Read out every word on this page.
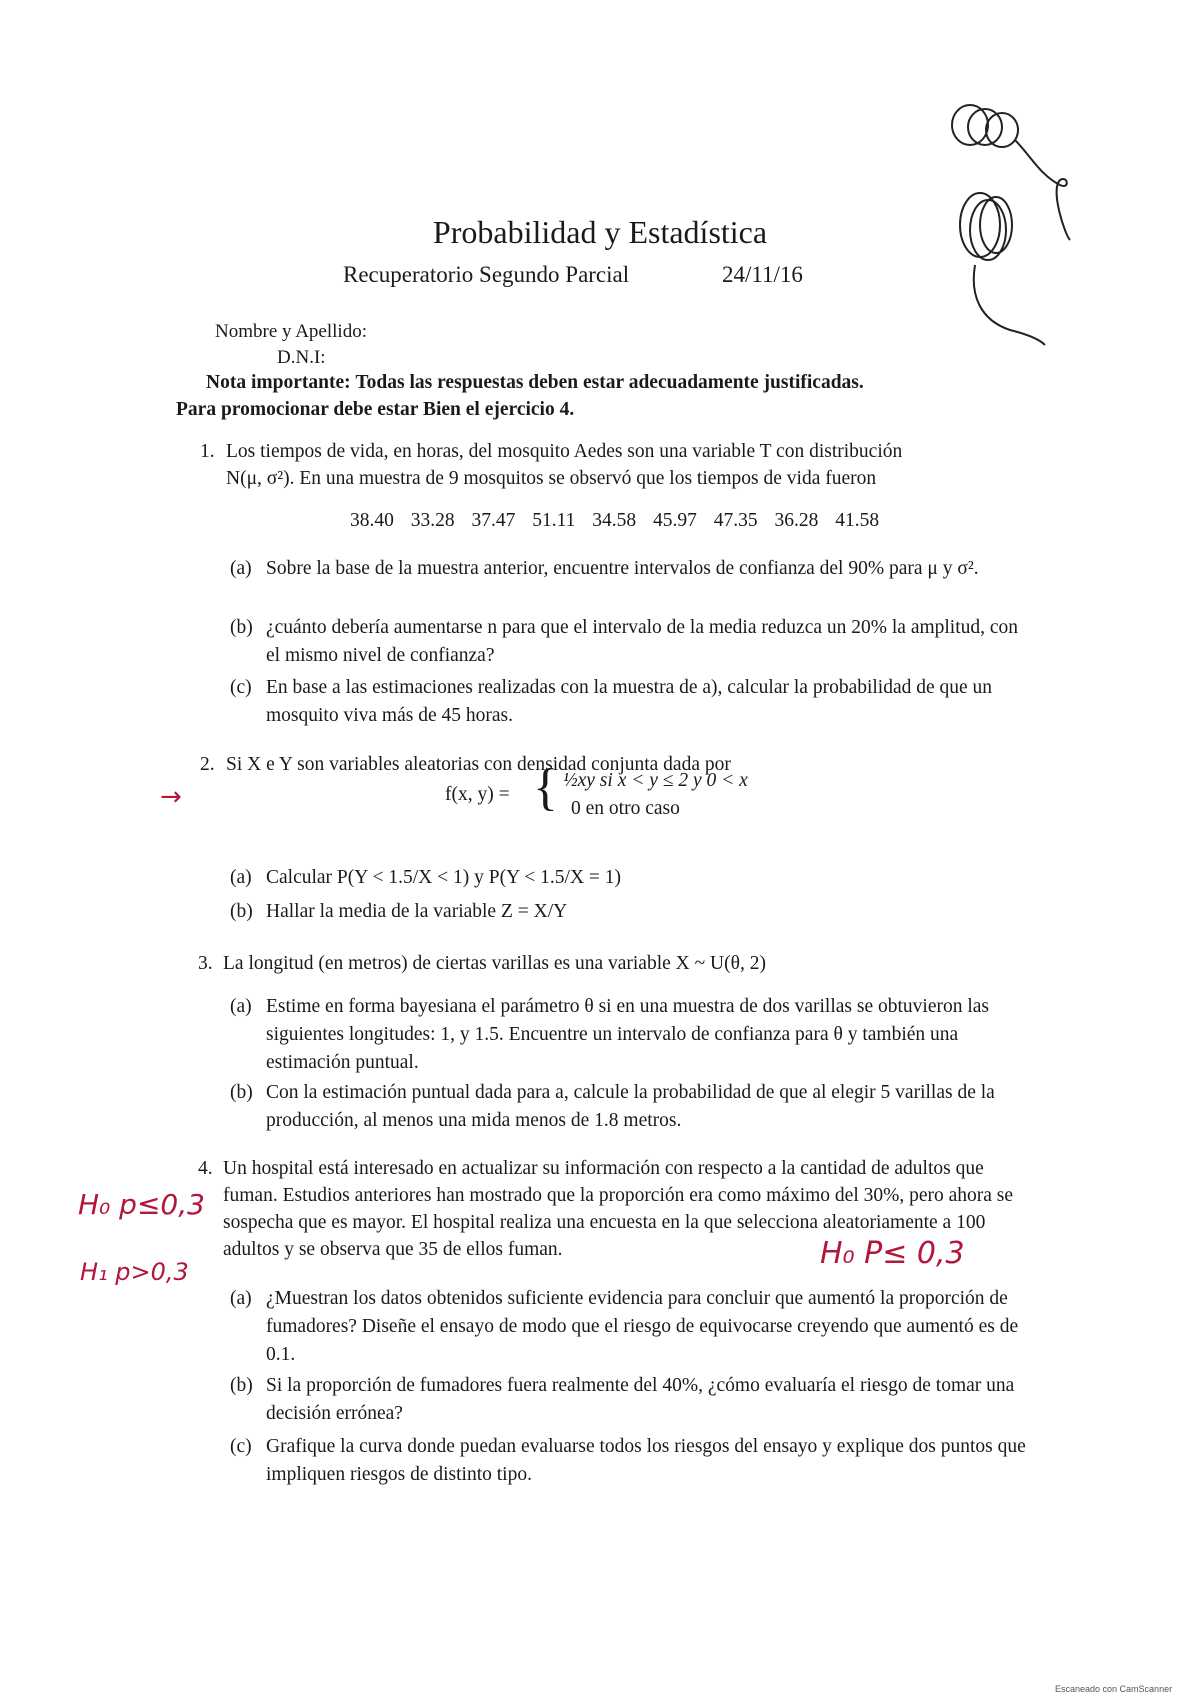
Probabilidad y Estadística
Recuperatorio Segundo Parcial	24/11/16
Nombre y Apellido:
D.N.I:
Nota importante: Todas las respuestas deben estar adecuadamente justificadas.
Para promocionar debe estar Bien el ejercicio 4.
1. Los tiempos de vida, en horas, del mosquito Aedes son una variable T con distribución
N(μ, σ²). En una muestra de 9 mosquitos se observó que los tiempos de vida fueron
38.40 33.28 37.47 51.11 34.58 45.97 47.35 36.28 41.58
(a) Sobre la base de la muestra anterior, encuentre intervalos de confianza del 90% para μ y σ².
(b) ¿cuánto debería aumentarse n para que el intervalo de la media reduzca un 20% la amplitud, con el mismo nivel de confianza?
(c) En base a las estimaciones realizadas con la muestra de a), calcular la probabilidad de que un mosquito viva más de 45 horas.
→
2. Si X e Y son variables aleatorias con densidad conjunta dada por
f(x, y) = { ½xy si x < y ≤ 2 y 0 < x
0 en otro caso
(a) Calcular P(Y < 1.5/X < 1) y P(Y < 1.5/X = 1)
(b) Hallar la media de la variable Z = X/Y
3. La longitud (en metros) de ciertas varillas es una variable X ~ U(θ, 2)
(a) Estime en forma bayesiana el parámetro θ si en una muestra de dos varillas se obtuvieron las siguientes longitudes: 1, y 1.5. Encuentre un intervalo de confianza para θ y también una estimación puntual.
(b) Con la estimación puntual dada para a, calcule la probabilidad de que al elegir 5 varillas de la producción, al menos una mida menos de 1.8 metros.
4. Un hospital está interesado en actualizar su información con respecto a la cantidad de adultos que fuman. Estudios anteriores han mostrado que la proporción era como máximo del 30%, pero ahora se sospecha que es mayor. El hospital realiza una encuesta en la que selecciona aleatoriamente a 100 adultos y se observa que 35 de ellos fuman.
H₀ p≤0,3
H₁ p>0,3
H₀ P≤ 0,3
(a) ¿Muestran los datos obtenidos suficiente evidencia para concluir que aumentó la proporción de fumadores? Diseñe el ensayo de modo que el riesgo de equivocarse creyendo que aumentó es de 0.1.
(b) Si la proporción de fumadores fuera realmente del 40%, ¿cómo evaluaría el riesgo de tomar una decisión errónea?
(c) Grafique la curva donde puedan evaluarse todos los riesgos del ensayo y explique dos puntos que impliquen riesgos de distinto tipo.
Escaneado con CamScanner
